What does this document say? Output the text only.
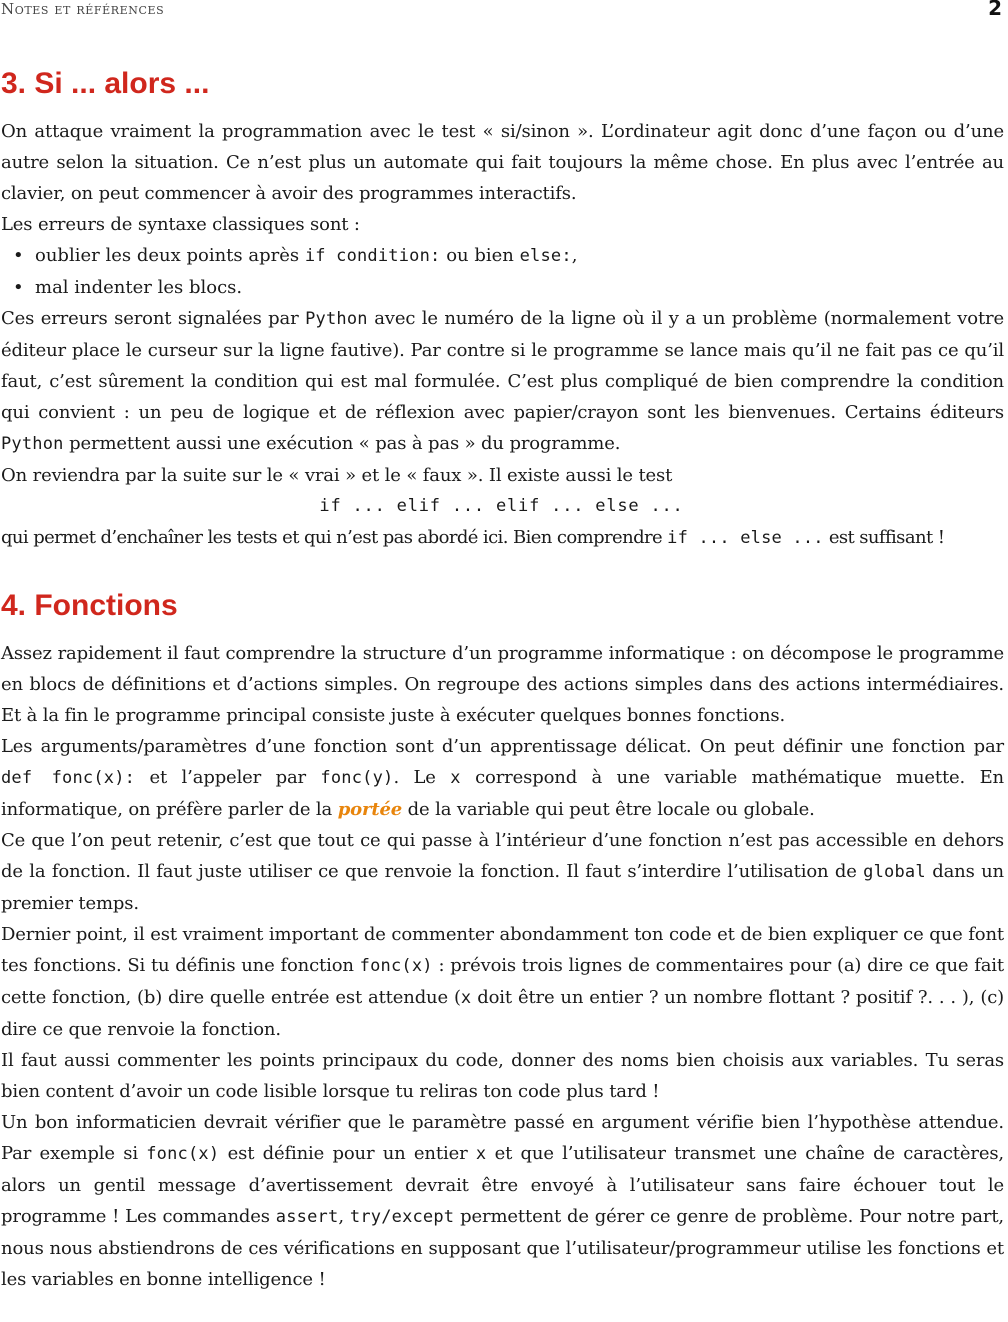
Notes et références	2
3. Si ... alors ...

On attaque vraiment la programmation avec le test « si/sinon ». L’ordinateur agit donc d’une façon ou d’une autre selon la situation. Ce n’est plus un automate qui fait toujours la même chose. En plus avec l’entrée au clavier, on peut commencer à avoir des programmes interactifs.

Les erreurs de syntaxe classiques sont :

• oublier les deux points après if condition: ou bien else:,
• mal indenter les blocs.

Ces erreurs seront signalées par Python avec le numéro de la ligne où il y a un problème (normalement votre éditeur place le curseur sur la ligne fautive). Par contre si le programme se lance mais qu’il ne fait pas ce qu’il faut, c’est sûrement la condition qui est mal formulée. C’est plus compliqué de bien comprendre la condition qui convient : un peu de logique et de réflexion avec papier/crayon sont les bienvenues. Certains éditeurs Python permettent aussi une exécution « pas à pas » du programme.

On reviendra par la suite sur le « vrai » et le « faux ». Il existe aussi le test

if ... elif ... elif ... else ...

qui permet d’enchaîner les tests et qui n’est pas abordé ici. Bien comprendre if ... else ... est suffisant !

4. Fonctions

Assez rapidement il faut comprendre la structure d’un programme informatique : on décompose le programme en blocs de définitions et d’actions simples. On regroupe des actions simples dans des actions intermédiaires. Et à la fin le programme principal consiste juste à exécuter quelques bonnes fonctions.

Les arguments/paramètres d’une fonction sont d’un apprentissage délicat. On peut définir une fonction par def fonc(x): et l’appeler par fonc(y). Le x correspond à une variable mathématique muette. En informatique, on préfère parler de la portée de la variable qui peut être locale ou globale.

Ce que l’on peut retenir, c’est que tout ce qui passe à l’intérieur d’une fonction n’est pas accessible en dehors de la fonction. Il faut juste utiliser ce que renvoie la fonction. Il faut s’interdire l’utilisation de global dans un premier temps.

Dernier point, il est vraiment important de commenter abondamment ton code et de bien expliquer ce que font tes fonctions. Si tu définis une fonction fonc(x) : prévois trois lignes de commentaires pour (a) dire ce que fait cette fonction, (b) dire quelle entrée est attendue (x doit être un entier ? un nombre flottant ? positif ?. . . ), (c) dire ce que renvoie la fonction.

Il faut aussi commenter les points principaux du code, donner des noms bien choisis aux variables. Tu seras bien content d’avoir un code lisible lorsque tu reliras ton code plus tard !

Un bon informaticien devrait vérifier que le paramètre passé en argument vérifie bien l’hypothèse attendue. Par exemple si fonc(x) est définie pour un entier x et que l’utilisateur transmet une chaîne de caractères, alors un gentil message d’avertissement devrait être envoyé à l’utilisateur sans faire échouer tout le programme ! Les commandes assert, try/except permettent de gérer ce genre de problème. Pour notre part, nous nous abstiendrons de ces vérifications en supposant que l’utilisateur/programmeur utilise les fonctions et les variables en bonne intelligence !
